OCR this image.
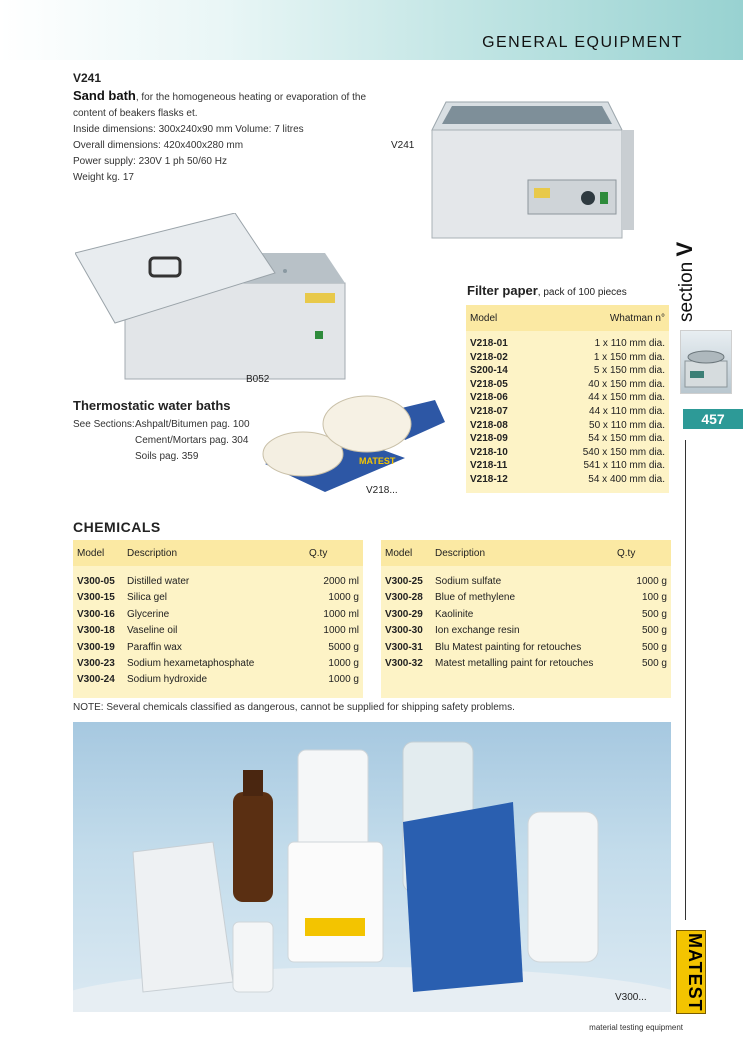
GENERAL EQUIPMENT
section V
457
MATEST
V241
Sand bath, for the homogeneous heating or evaporation of the content of beakers flasks et.
Inside dimensions: 300x240x90 mm Volume: 7 litres
Overall dimensions: 420x400x280 mm
Power supply: 230V 1 ph 50/60 Hz
Weight kg. 17
V241
B052
Thermostatic water baths
See Sections: Ashpalt/Bitumen pag. 100

Cement/Mortars pag. 304

Soils pag. 359	MATEST
V218...
Filter paper, pack of 100 pieces
Model	Whatman n°
V218-01	1 x 110 mm dia.
V218-02	1 x 150 mm dia.
S200-14	5 x 150 mm dia.
V218-05	40 x 150 mm dia.
V218-06	44 x 150 mm dia.
V218-07	44 x 110 mm dia.
V218-08	50 x 110 mm dia.
V218-09	54 x 150 mm dia.
V218-10	540 x 150 mm dia.
V218-11	541 x 110 mm dia.
V218-12	54 x 400 mm dia.
CHEMICALS
Model	Description	Q.ty
V300-05	Distilled water	2000 ml
V300-15	Silica gel	1000 g
V300-16	Glycerine	1000 ml
V300-18	Vaseline oil	1000 ml
V300-19	Paraffin wax	5000 g
V300-23	Sodium hexametaphosphate	1000 g
V300-24	Sodium hydroxide	1000 g
Model	Description	Q.ty
V300-25	Sodium sulfate	1000 g
V300-28	Blue of methylene	100 g
V300-29	Kaolinite	500 g
V300-30	Ion exchange resin	500 g
V300-31	Blu Matest painting for retouches	500 g
V300-32	Matest metalling paint for retouches	500 g
NOTE: Several chemicals classified as dangerous, cannot be supplied for shipping safety problems.
V300...
material testing equipment
